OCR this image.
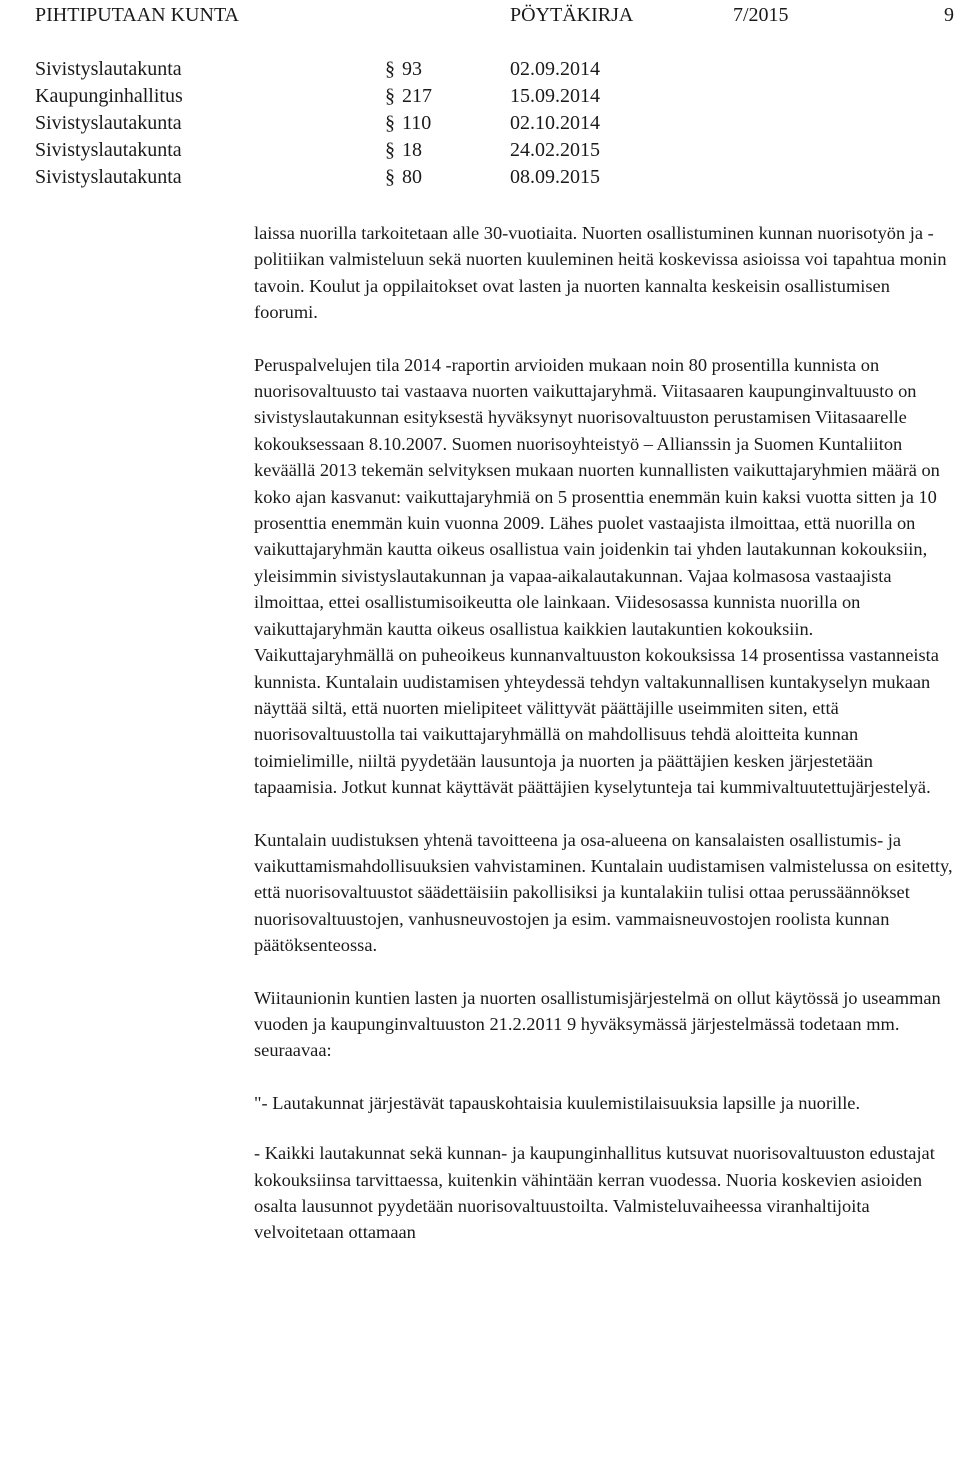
PIHTIPUTAAN KUNTA	PÖYTÄKIRJA	7/2015	9
Sivistyslautakunta	§ 93	02.09.2014
Kaupunginhallitus	§ 217	15.09.2014
Sivistyslautakunta	§ 110	02.10.2014
Sivistyslautakunta	§ 18	24.02.2015
Sivistyslautakunta	§ 80	08.09.2015

laissa nuorilla tarkoitetaan alle 30-vuotiaita. Nuorten osallistuminen kunnan nuorisotyön ja -politiikan valmisteluun sekä nuorten kuuleminen heitä koskevissa asioissa voi tapahtua monin tavoin. Koulut ja oppilaitokset ovat lasten ja nuorten kannalta keskeisin osallistumisen foorumi.

Peruspalvelujen tila 2014 -raportin arvioiden mukaan noin 80 prosentilla kunnista on nuorisovaltuusto tai vastaava nuorten vaikuttajaryhmä. Viitasaaren kaupunginvaltuusto on sivistyslautakunnan esityksestä hyväksynyt nuorisovaltuuston perustamisen Viitasaarelle kokouksessaan 8.10.2007. Suomen nuorisoyhteistyö – Allianssin ja Suomen Kuntaliiton keväällä 2013 tekemän selvityksen mukaan nuorten kunnallisten vaikuttajaryhmien määrä on koko ajan kasvanut: vaikuttajaryhmiä on 5 prosenttia enemmän kuin kaksi vuotta sitten ja 10 prosenttia enemmän kuin vuonna 2009. Lähes puolet vastaajista ilmoittaa, että nuorilla on vaikuttajaryhmän kautta oikeus osallistua vain joidenkin tai yhden lautakunnan kokouksiin, yleisimmin sivistyslautakunnan ja vapaa-aikalautakunnan. Vajaa kolmasosa vastaajista ilmoittaa, ettei osallistumisoikeutta ole lainkaan. Viidesosassa kunnista nuorilla on vaikuttajaryhmän kautta oikeus osallistua kaikkien lautakuntien kokouksiin. Vaikuttajaryhmällä on puheoikeus kunnanvaltuuston kokouksissa 14 prosentissa vastanneista kunnista. Kuntalain uudistamisen yhteydessä tehdyn valtakunnallisen kuntakyselyn mukaan näyttää siltä, että nuorten mielipiteet välittyvät päättäjille useimmiten siten, että nuorisovaltuustolla tai vaikuttajaryhmällä on mahdollisuus tehdä aloitteita kunnan toimielimille, niiltä pyydetään lausuntoja ja nuorten ja päättäjien kesken järjestetään tapaamisia. Jotkut kunnat käyttävät päättäjien kyselytunteja tai kummivaltuutettujärjestelyä.

Kuntalain uudistuksen yhtenä tavoitteena ja osa-alueena on kansalaisten osallistumis- ja vaikuttamismahdollisuuksien vahvistaminen. Kuntalain uudistamisen valmistelussa on esitetty, että nuorisovaltuustot säädettäisiin pakollisiksi ja kuntalakiin tulisi ottaa perussäännökset nuorisovaltuustojen, vanhusneuvostojen ja esim. vammaisneuvostojen roolista kunnan päätöksenteossa.

Wiitaunionin kuntien lasten ja nuorten osallistumisjärjestelmä on ollut käytössä jo useamman vuoden ja kaupunginvaltuuston 21.2.2011 9 hyväksymässä järjestelmässä todetaan mm. seuraavaa:

"- Lautakunnat järjestävät tapauskohtaisia kuulemistilaisuuksia lapsille ja nuorille.

- Kaikki lautakunnat sekä kunnan- ja kaupunginhallitus kutsuvat nuorisovaltuuston edustajat kokouksiinsa tarvittaessa, kuitenkin vähintään kerran vuodessa. Nuoria koskevien asioiden osalta lausunnot pyydetään nuorisovaltuustoilta. Valmisteluvaiheessa viranhaltijoita velvoitetaan ottamaan
